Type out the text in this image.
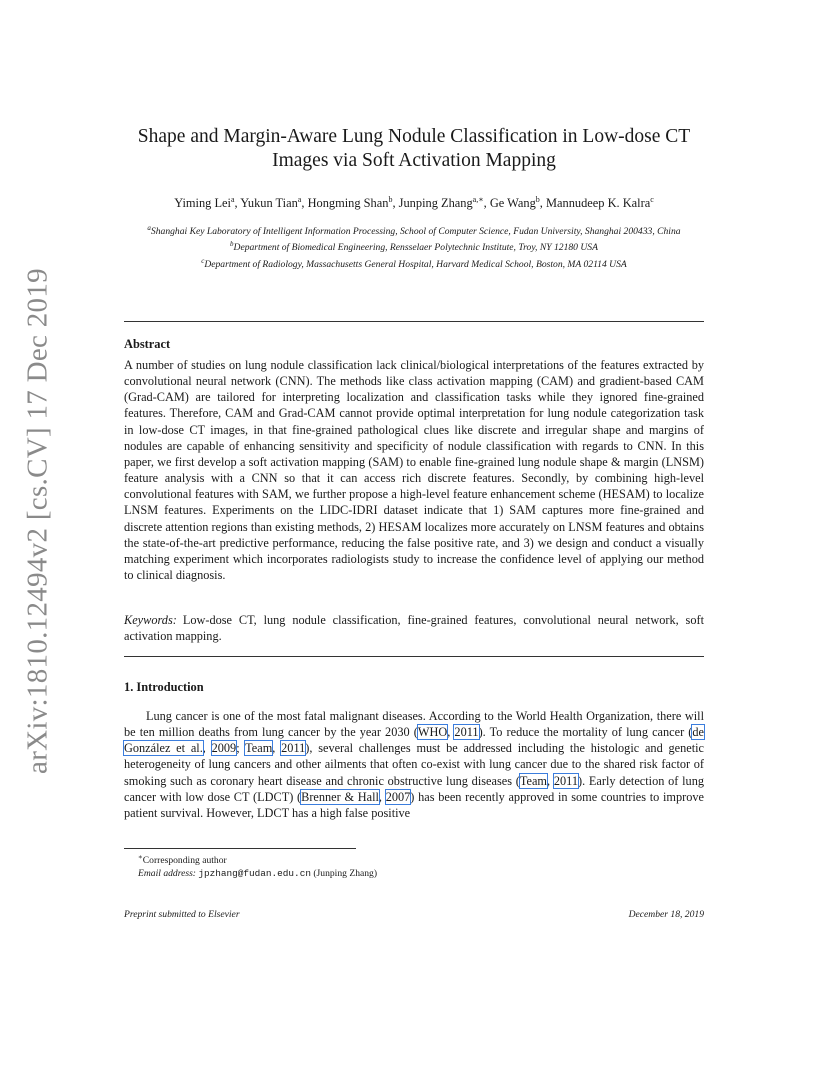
arXiv:1810.12494v2 [cs.CV] 17 Dec 2019
Shape and Margin-Aware Lung Nodule Classification in Low-dose CT Images via Soft Activation Mapping
Yiming Lei$^a$, Yukun Tian$^a$, Hongming Shan$^b$, Junping Zhang$^{a,∗}$, Ge Wang$^b$, Mannudeep K. Kalra$^c$
$^a$Shanghai Key Laboratory of Intelligent Information Processing, School of Computer Science, Fudan University, Shanghai 200433, China
$^b$Department of Biomedical Engineering, Rensselaer Polytechnic Institute, Troy, NY 12180 USA
$^c$Department of Radiology, Massachusetts General Hospital, Harvard Medical School, Boston, MA 02114 USA
Abstract

A number of studies on lung nodule classification lack clinical/biological interpretations of the features extracted by convolutional neural network (CNN). The methods like class activation mapping (CAM) and gradient-based CAM (Grad-CAM) are tailored for interpreting localization and classification tasks while they ignored fine-grained features. Therefore, CAM and Grad-CAM cannot provide optimal interpretation for lung nodule categorization task in low-dose CT images, in that fine-grained pathological clues like discrete and irregular shape and margins of nodules are capable of enhancing sensitivity and specificity of nodule classification with regards to CNN. In this paper, we first develop a soft activation mapping (SAM) to enable fine-grained lung nodule shape & margin (LNSM) feature analysis with a CNN so that it can access rich discrete features. Secondly, by combining high-level convolutional features with SAM, we further propose a high-level feature enhancement scheme (HESAM) to localize LNSM features. Experiments on the LIDC-IDRI dataset indicate that 1) SAM captures more fine-grained and discrete attention regions than existing methods, 2) HESAM localizes more accurately on LNSM features and obtains the state-of-the-art predictive performance, reducing the false positive rate, and 3) we design and conduct a visually matching experiment which incorporates radiologists study to increase the confidence level of applying our method to clinical diagnosis.

Keywords: Low-dose CT, lung nodule classification, fine-grained features, convolutional neural network, soft activation mapping.

1. Introduction

Lung cancer is one of the most fatal malignant diseases. According to the World Health Organization, there will be ten million deaths from lung cancer by the year 2030 (WHO, 2011). To reduce the mortality of lung cancer (de González et al., 2009; Team, 2011), several challenges must be addressed including the histologic and genetic heterogeneity of lung cancers and other ailments that often co-exist with lung cancer due to the shared risk factor of smoking such as coronary heart disease and chronic obstructive lung diseases (Team, 2011). Early detection of lung cancer with low dose CT (LDCT) (Brenner & Hall, 2007) has been recently approved in some countries to improve patient survival. However, LDCT has a high false positive

∗Corresponding author
Email address: jpzhang@fudan.edu.cn (Junping Zhang)
Preprint submitted to Elsevier	December 18, 2019
